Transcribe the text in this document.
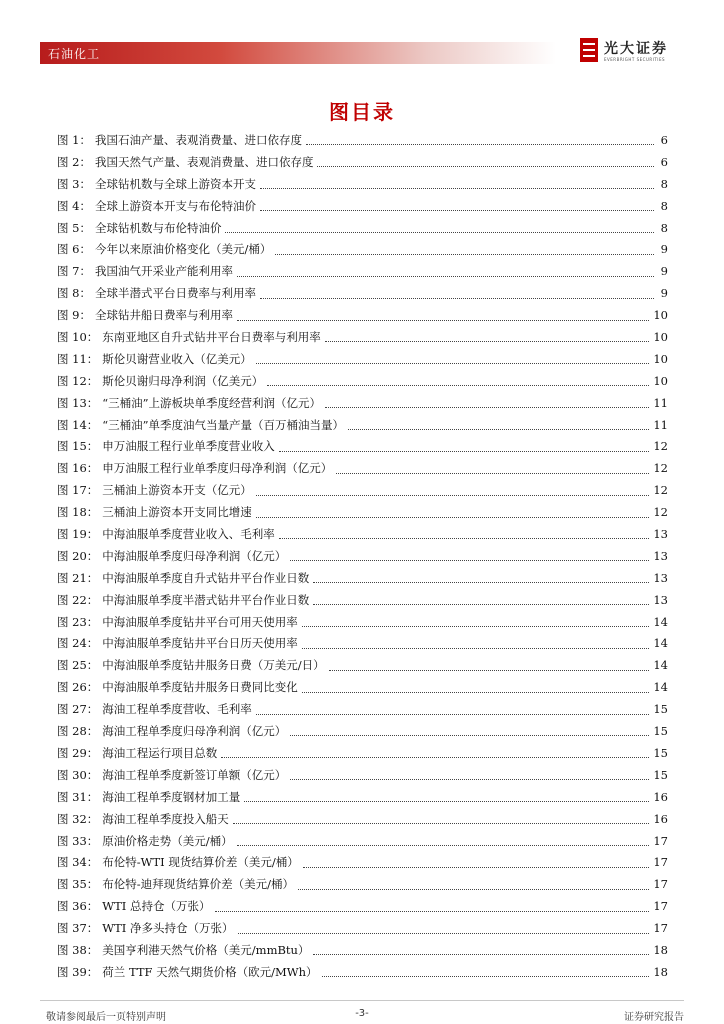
石油化工	光大证券
EVERBRIGHT SECURITIES
图目录
图 1： 我国石油产量、表观消费量、进口依存度	6
图 2： 我国天然气产量、表观消费量、进口依存度	6
图 3： 全球钻机数与全球上游资本开支	8
图 4： 全球上游资本开支与布伦特油价	8
图 5： 全球钻机数与布伦特油价	8
图 6： 今年以来原油价格变化（美元/桶）	9
图 7： 我国油气开采业产能利用率	9
图 8： 全球半潜式平台日费率与利用率	9
图 9： 全球钻井船日费率与利用率	10
图 10： 东南亚地区自升式钻井平台日费率与利用率	10
图 11： 斯伦贝谢营业收入（亿美元）	10
图 12： 斯伦贝谢归母净利润（亿美元）	10
图 13： “三桶油”上游板块单季度经营利润（亿元）	11
图 14： “三桶油”单季度油气当量产量（百万桶油当量）	11
图 15： 申万油服工程行业单季度营业收入	12
图 16： 申万油服工程行业单季度归母净利润（亿元）	12
图 17： 三桶油上游资本开支（亿元）	12
图 18： 三桶油上游资本开支同比增速	12
图 19： 中海油服单季度营业收入、毛利率	13
图 20： 中海油服单季度归母净利润（亿元）	13
图 21： 中海油服单季度自升式钻井平台作业日数	13
图 22： 中海油服单季度半潜式钻井平台作业日数	13
图 23： 中海油服单季度钻井平台可用天使用率	14
图 24： 中海油服单季度钻井平台日历天使用率	14
图 25： 中海油服单季度钻井服务日费（万美元/日）	14
图 26： 中海油服单季度钻井服务日费同比变化	14
图 27： 海油工程单季度营收、毛利率	15
图 28： 海油工程单季度归母净利润（亿元）	15
图 29： 海油工程运行项目总数	15
图 30： 海油工程单季度新签订单额（亿元）	15
图 31： 海油工程单季度钢材加工量	16
图 32： 海油工程单季度投入船天	16
图 33： 原油价格走势（美元/桶）	17
图 34： 布伦特-WTI 现货结算价差（美元/桶）	17
图 35： 布伦特-迪拜现货结算价差（美元/桶）	17
图 36： WTI 总持仓（万张）	17
图 37： WTI 净多头持仓（万张）	17
图 38： 美国亨利港天然气价格（美元/mmBtu）	18
图 39： 荷兰 TTF 天然气期货价格（欧元/MWh）	18
敬请参阅最后一页特别声明	-3-	证券研究报告
